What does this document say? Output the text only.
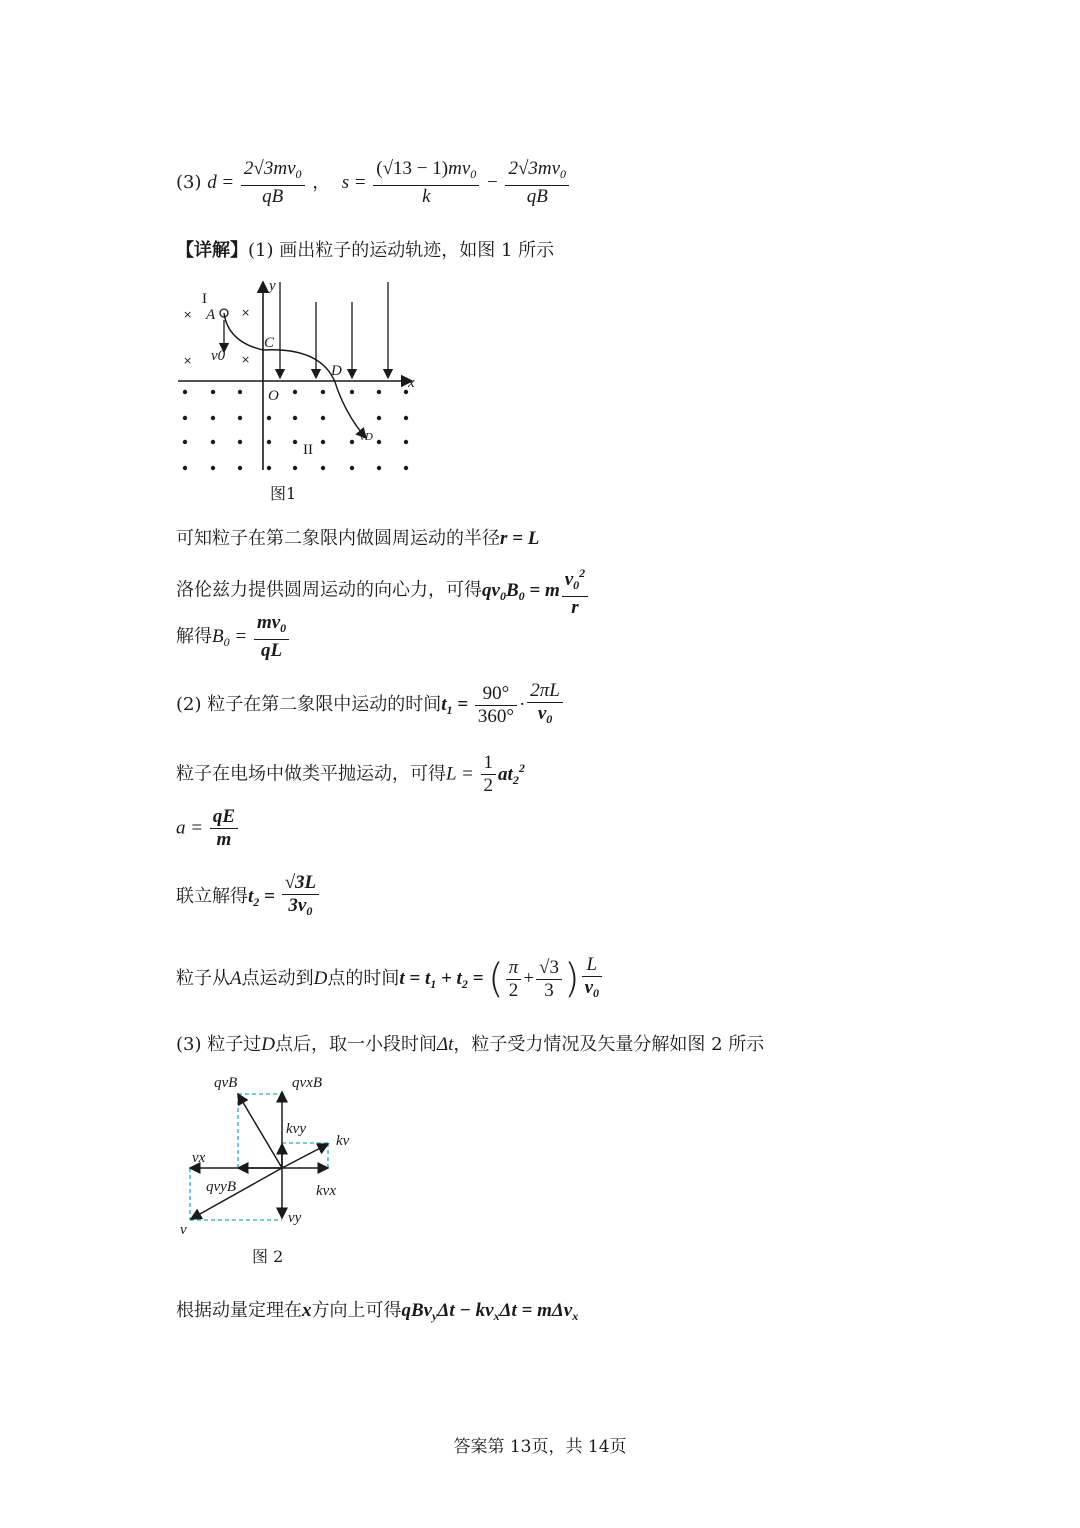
(3) $d = \frac{2√3mv_0}{qB}$ ， $s = \frac{(√13 - 1)mv_0}{k} - \frac{2√3mv_0}{qB}$
【详解】(1) 画出粒子的运动轨迹，如图 1 所示
×	×
×	×
I
A
v0
C
D
O
x
y
II
vD
图1
可知粒子在第二象限内做圆周运动的半径r = L
洛伦兹力提供圆周运动的向心力，可得$qv_0B_0 = m \frac{v_0^2}{r}$
解得$B_0 = \frac{mv_0}{qL}$
(2) 粒子在第二象限中运动的时间$t_1 = \frac{90^\circ}{360^\circ} \cdot \frac{2\pi L}{v_0}$
粒子在电场中做类平抛运动，可得$L = \frac{1}{2} at_2^2$
$a = \frac{qE}{m}$
联立解得$t_2 = \frac{√3L}{3v_0}$
粒子从A点运动到D点的时间$t = t_1 + t_2$ = ( $\frac{\pi}{2} + \frac{√3}{3}$ ) $\frac{L}{v_0}$
(3) 粒子过D点后，取一小段时间Δt，粒子受力情况及矢量分解如图 2 所示
qvB	qvxB
kvy
kv
vx
qvyB	kvx
v
vy
图 2
根据动量定理在x方向上可得$qBv_y\Delta t - kv_x\Delta t = m\Delta v_x$
答案第 13页，共 14页
